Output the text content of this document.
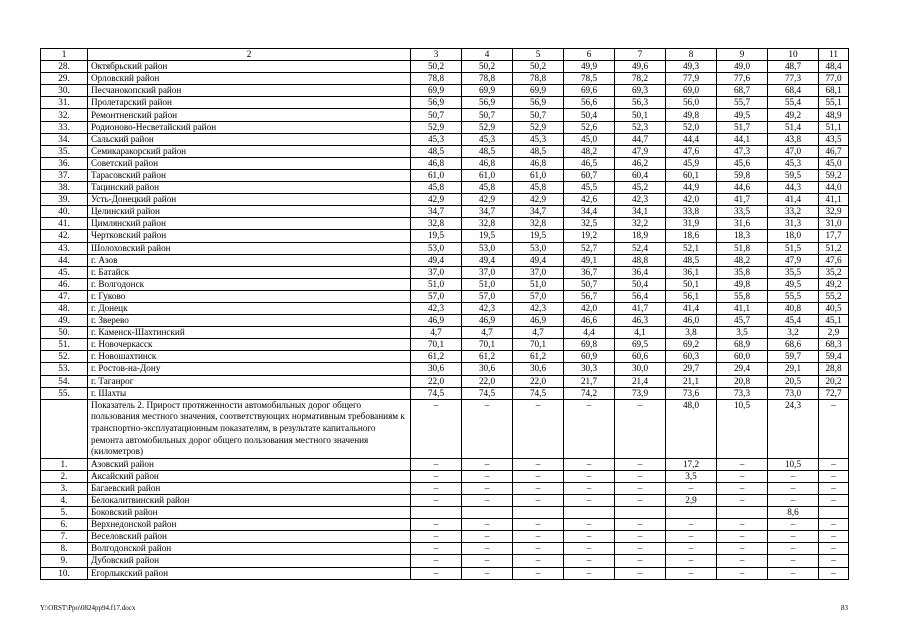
1	2	3	4	5	6	7	8	9	10	11
28.	Октябрьский район	50,2	50,2	50,2	49,9	49,6	49,3	49,0	48,7	48,4
29.	Орловский район	78,8	78,8	78,8	78,5	78,2	77,9	77,6	77,3	77,0
30.	Песчанокопский район	69,9	69,9	69,9	69,6	69,3	69,0	68,7	68,4	68,1
31.	Пролетарский район	56,9	56,9	56,9	56,6	56,3	56,0	55,7	55,4	55,1
32.	Ремонтненский район	50,7	50,7	50,7	50,4	50,1	49,8	49,5	49,2	48,9
33.	Родионово-Несветайский район	52,9	52,9	52,9	52,6	52,3	52,0	51,7	51,4	51,1
34.	Сальский район	45,3	45,3	45,3	45,0	44,7	44,4	44,1	43,8	43,5
35.	Семикаракорский район	48,5	48,5	48,5	48,2	47,9	47,6	47,3	47,0	46,7
36.	Советский район	46,8	46,8	46,8	46,5	46,2	45,9	45,6	45,3	45,0
37.	Тарасовский район	61,0	61,0	61,0	60,7	60,4	60,1	59,8	59,5	59,2
38.	Тацинский район	45,8	45,8	45,8	45,5	45,2	44,9	44,6	44,3	44,0
39.	Усть-Донецкий район	42,9	42,9	42,9	42,6	42,3	42,0	41,7	41,4	41,1
40.	Целинский район	34,7	34,7	34,7	34,4	34,1	33,8	33,5	33,2	32,9
41.	Цимлянский район	32,8	32,8	32,8	32,5	32,2	31,9	31,6	31,3	31,0
42.	Чертковский район	19,5	19,5	19,5	19,2	18,9	18,6	18,3	18,0	17,7
43.	Шолоховский район	53,0	53,0	53,0	52,7	52,4	52,1	51,8	51,5	51,2
44.	г. Азов	49,4	49,4	49,4	49,1	48,8	48,5	48,2	47,9	47,6
45.	г. Батайск	37,0	37,0	37,0	36,7	36,4	36,1	35,8	35,5	35,2
46.	г. Волгодонск	51,0	51,0	51,0	50,7	50,4	50,1	49,8	49,5	49,2
47.	г. Гуково	57,0	57,0	57,0	56,7	56,4	56,1	55,8	55,5	55,2
48.	г. Донецк	42,3	42,3	42,3	42,0	41,7	41,4	41,1	40,8	40,5
49.	г. Зверево	46,9	46,9	46,9	46,6	46,3	46,0	45,7	45,4	45,1
50.	г. Каменск-Шахтинский	4,7	4,7	4,7	4,4	4,1	3,8	3,5	3,2	2,9
51.	г. Новочеркасск	70,1	70,1	70,1	69,8	69,5	69,2	68,9	68,6	68,3
52.	г. Новошахтинск	61,2	61,2	61,2	60,9	60,6	60,3	60,0	59,7	59,4
53.	г. Ростов-на-Дону	30,6	30,6	30,6	30,3	30,0	29,7	29,4	29,1	28,8
54.	г. Таганрог	22,0	22,0	22,0	21,7	21,4	21,1	20,8	20,5	20,2
55.	г. Шахты	74,5	74,5	74,5	74,2	73,9	73,6	73,3	73,0	72,7
	Показатель 2. Прирост протяженности автомобильных дорог общего пользования местного значения, соответствующих нормативным требованиям к транспортно-эксплуатационным показателям, в результате капитального ремонта автомобильных дорог общего пользования местного значения (километров)	–	–	–	–	–	48,0	10,5	24,3	–
1.	Азовский район	–	–	–	–	–	17,2	–	10,5	–
2.	Аксайский район	–	–	–	–	–	3,5	–	–	–
3.	Багаевский район	–	–	–	–	–	–	–	–	–
4.	Белокалитвинский район	–	–	–	–	–	2,9	–	–	–
5.	Боковский район								8,6	
6.	Верхнедонской район	–	–	–	–	–	–	–	–	–
7.	Веселовский район	–	–	–	–	–	–	–	–	–
8.	Волгодонской район	–	–	–	–	–	–	–	–	–
9.	Дубовский район	–	–	–	–	–	–	–	–	–
10.	Егорлыкский район	–	–	–	–	–	–	–	–	–
Y:\ORST\Ppo\0824pp94.f17.docx	83
